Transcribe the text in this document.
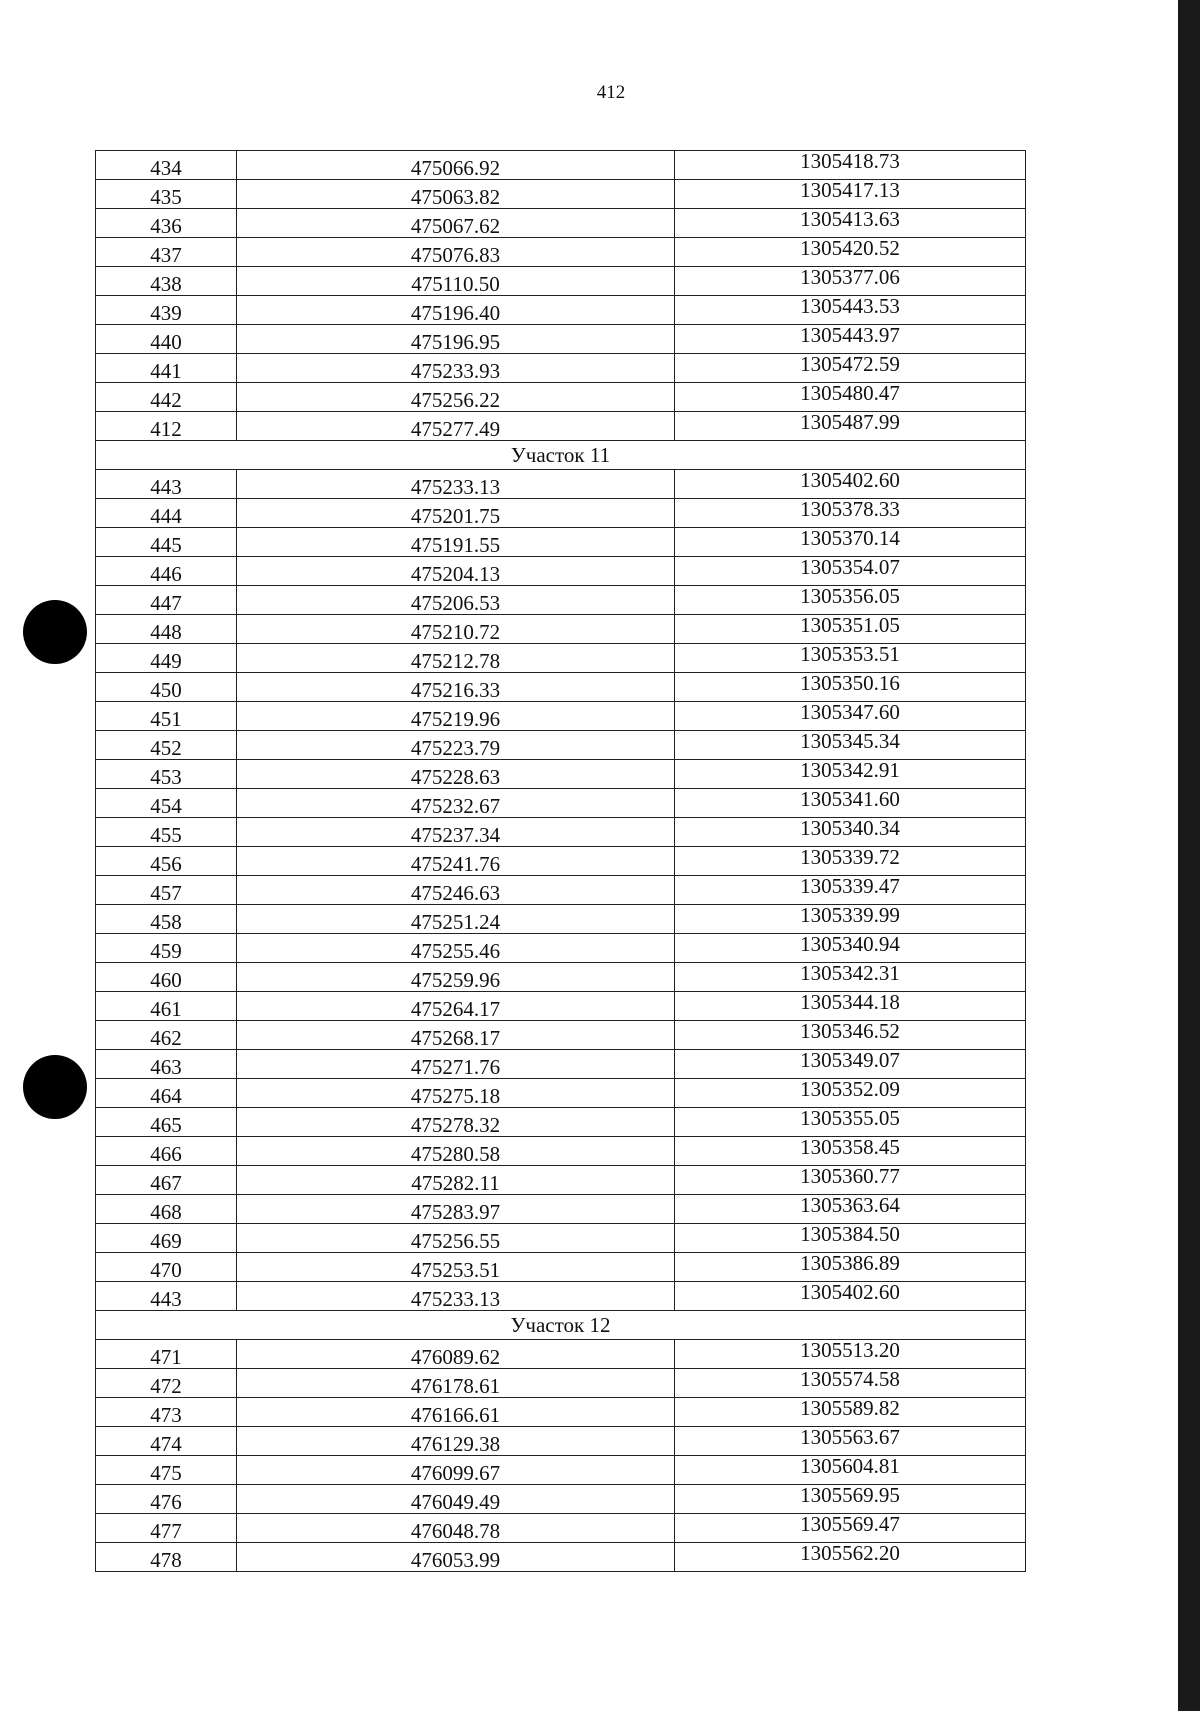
412
434	475066.92	1305418.73
435	475063.82	1305417.13
436	475067.62	1305413.63
437	475076.83	1305420.52
438	475110.50	1305377.06
439	475196.40	1305443.53
440	475196.95	1305443.97
441	475233.93	1305472.59
442	475256.22	1305480.47
412	475277.49	1305487.99
Участок 11		
443	475233.13	1305402.60
444	475201.75	1305378.33
445	475191.55	1305370.14
446	475204.13	1305354.07
447	475206.53	1305356.05
448	475210.72	1305351.05
449	475212.78	1305353.51
450	475216.33	1305350.16
451	475219.96	1305347.60
452	475223.79	1305345.34
453	475228.63	1305342.91
454	475232.67	1305341.60
455	475237.34	1305340.34
456	475241.76	1305339.72
457	475246.63	1305339.47
458	475251.24	1305339.99
459	475255.46	1305340.94
460	475259.96	1305342.31
461	475264.17	1305344.18
462	475268.17	1305346.52
463	475271.76	1305349.07
464	475275.18	1305352.09
465	475278.32	1305355.05
466	475280.58	1305358.45
467	475282.11	1305360.77
468	475283.97	1305363.64
469	475256.55	1305384.50
470	475253.51	1305386.89
443	475233.13	1305402.60
Участок 12		
471	476089.62	1305513.20
472	476178.61	1305574.58
473	476166.61	1305589.82
474	476129.38	1305563.67
475	476099.67	1305604.81
476	476049.49	1305569.95
477	476048.78	1305569.47
478	476053.99	1305562.20
